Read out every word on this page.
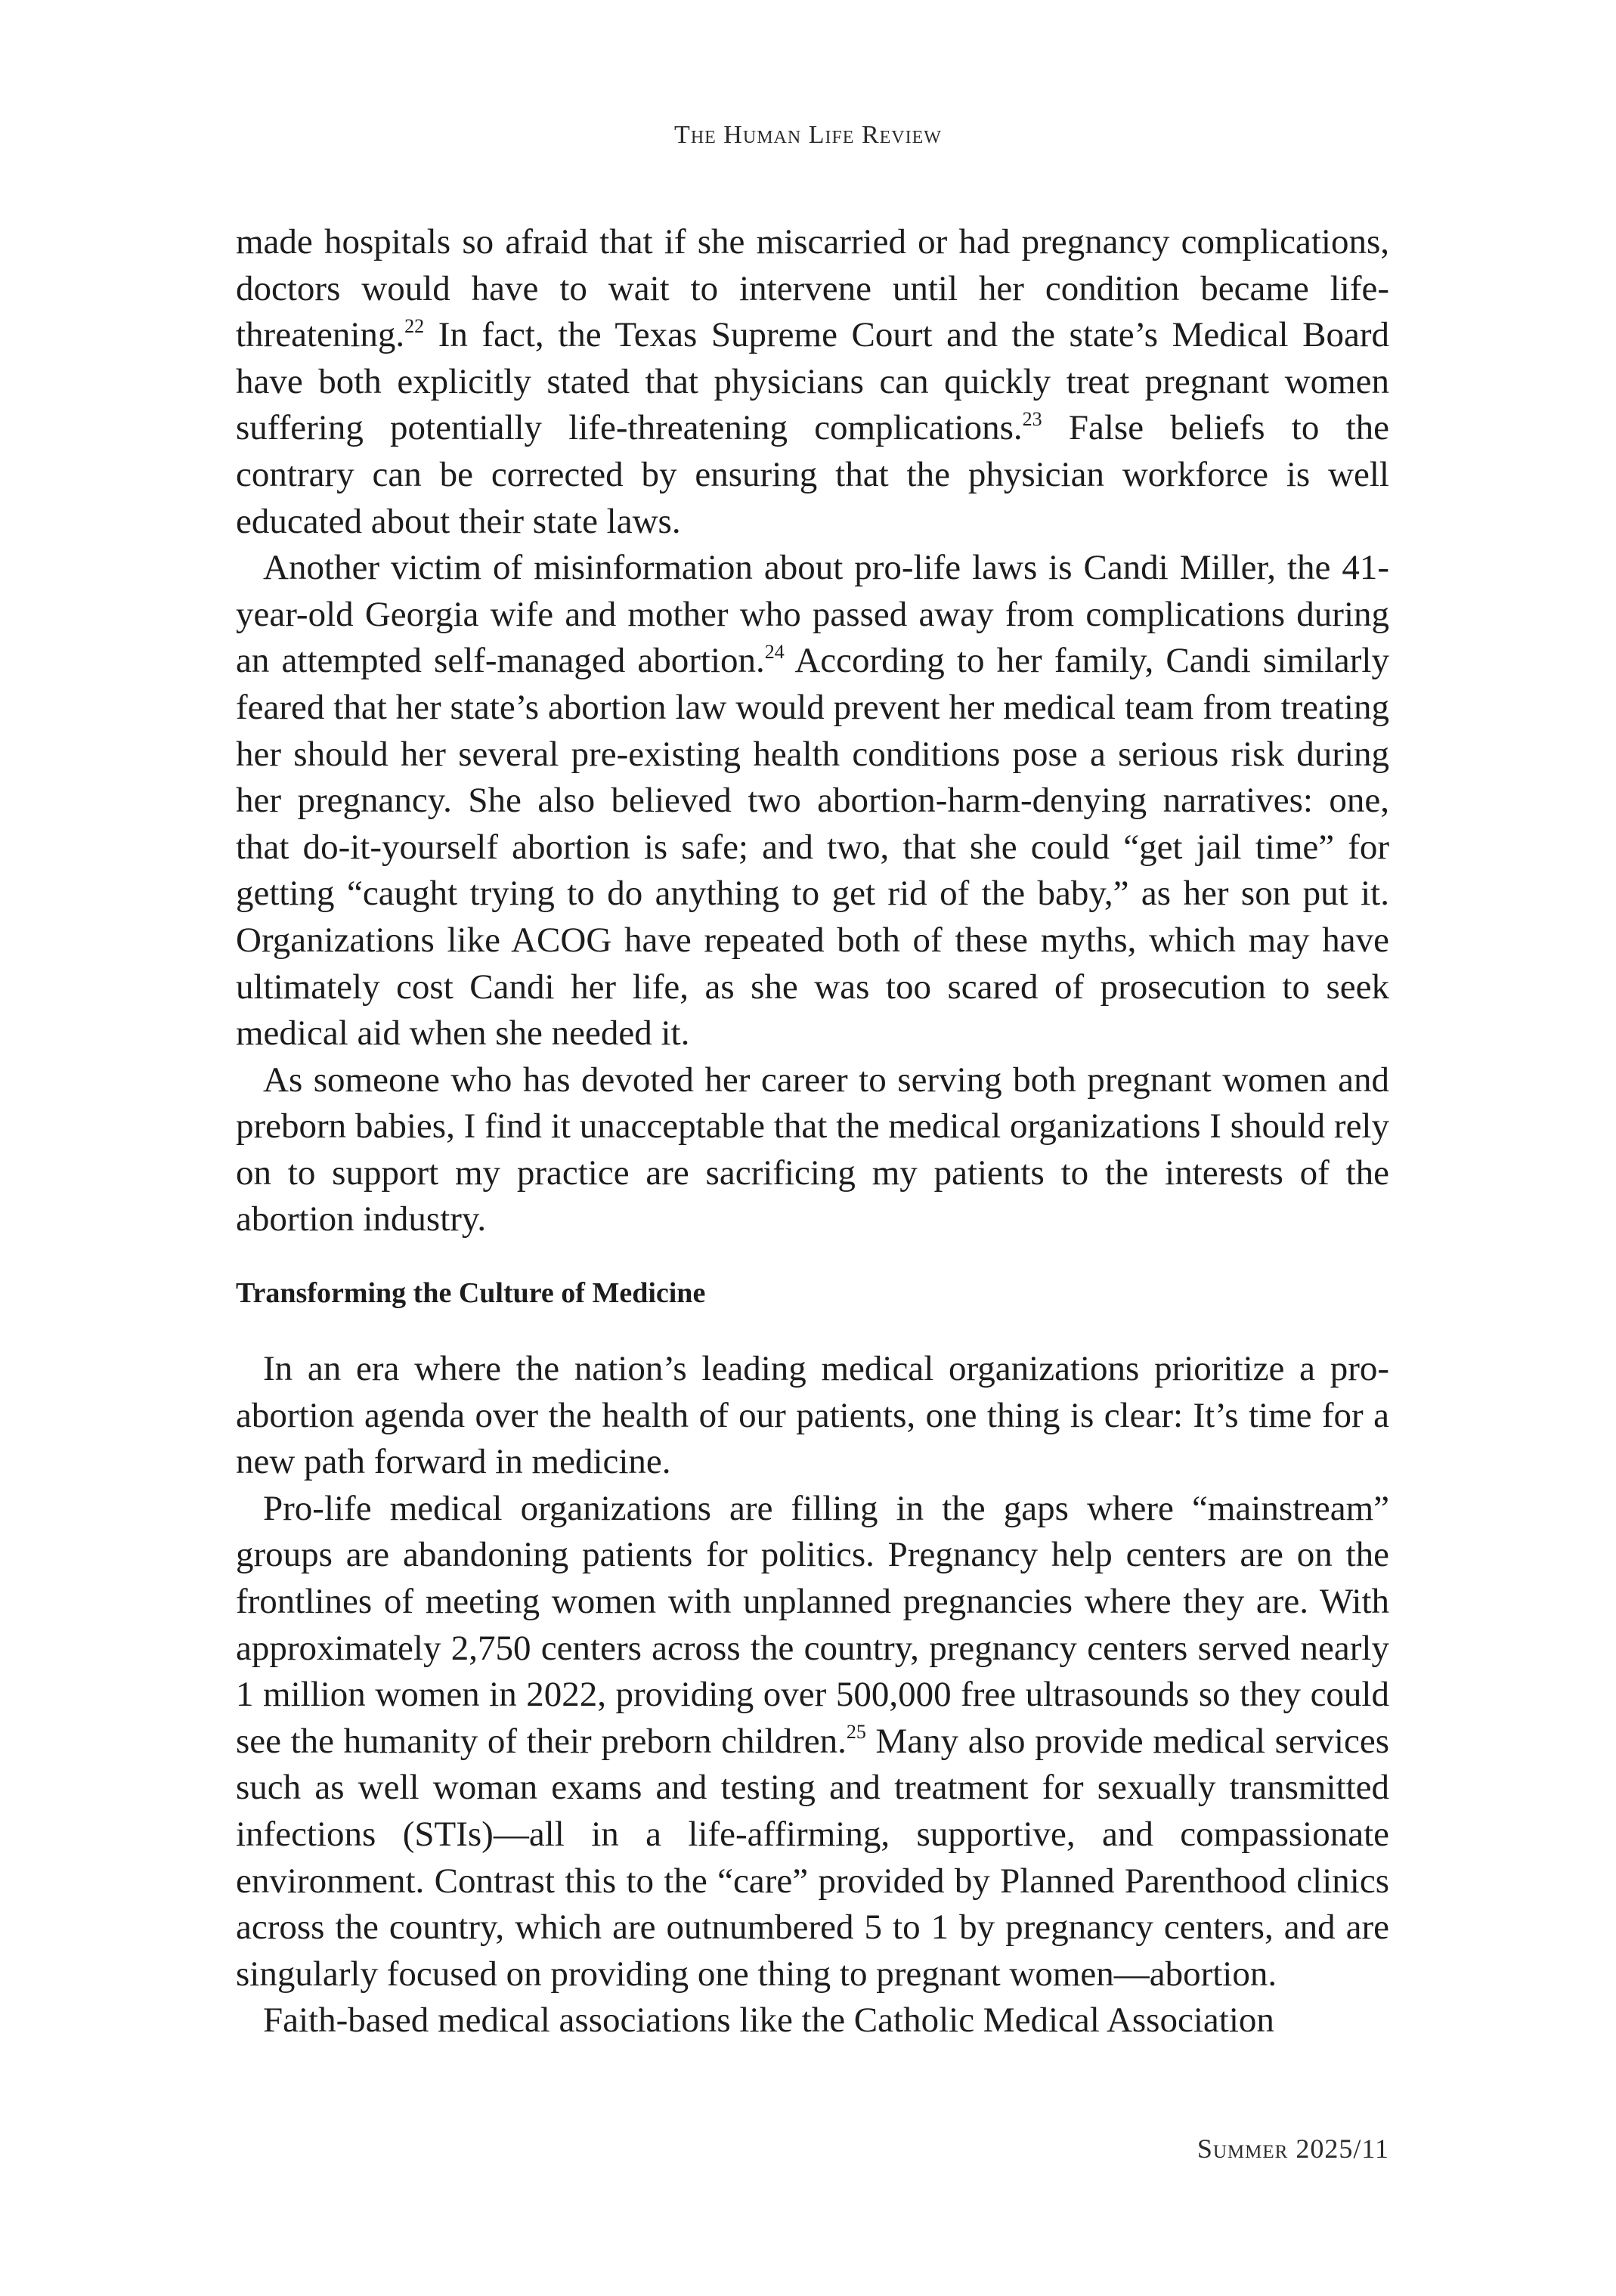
The Human Life Review

made hospitals so afraid that if she miscarried or had pregnancy complications, doctors would have to wait to intervene until her condition became life-threatening.$^{22}$ In fact, the Texas Supreme Court and the state’s Medical Board have both explicitly stated that physicians can quickly treat pregnant women suffering potentially life-threatening complications.$^{23}$ False beliefs to the contrary can be corrected by ensuring that the physician workforce is well educated about their state laws.

Another victim of misinformation about pro-life laws is Candi Miller, the 41-year-old Georgia wife and mother who passed away from complications during an attempted self-managed abortion.$^{24}$ According to her family, Candi similarly feared that her state’s abortion law would prevent her medical team from treating her should her several pre-existing health conditions pose a serious risk during her pregnancy. She also believed two abortion-harm-denying narratives: one, that do-it-yourself abortion is safe; and two, that she could “get jail time” for getting “caught trying to do anything to get rid of the baby,” as her son put it. Organizations like ACOG have repeated both of these myths, which may have ultimately cost Candi her life, as she was too scared of prosecution to seek medical aid when she needed it.

As someone who has devoted her career to serving both pregnant women and preborn babies, I find it unacceptable that the medical organizations I should rely on to support my practice are sacrificing my patients to the interests of the abortion industry.

Transforming the Culture of Medicine

In an era where the nation’s leading medical organizations prioritize a pro-abortion agenda over the health of our patients, one thing is clear: It’s time for a new path forward in medicine.

Pro-life medical organizations are filling in the gaps where “mainstream” groups are abandoning patients for politics. Pregnancy help centers are on the frontlines of meeting women with unplanned pregnancies where they are. With approximately 2,750 centers across the country, pregnancy centers served nearly 1 million women in 2022, providing over 500,000 free ultrasounds so they could see the humanity of their preborn children.$^{25}$ Many also provide medical services such as well woman exams and testing and treatment for sexually transmitted infections (STIs)—all in a life-affirming, supportive, and compassionate environment. Contrast this to the “care” provided by Planned Parenthood clinics across the country, which are outnumbered 5 to 1 by pregnancy centers, and are singularly focused on providing one thing to pregnant women—abortion.

Faith-based medical associations like the Catholic Medical Association

Summer 2025/11
